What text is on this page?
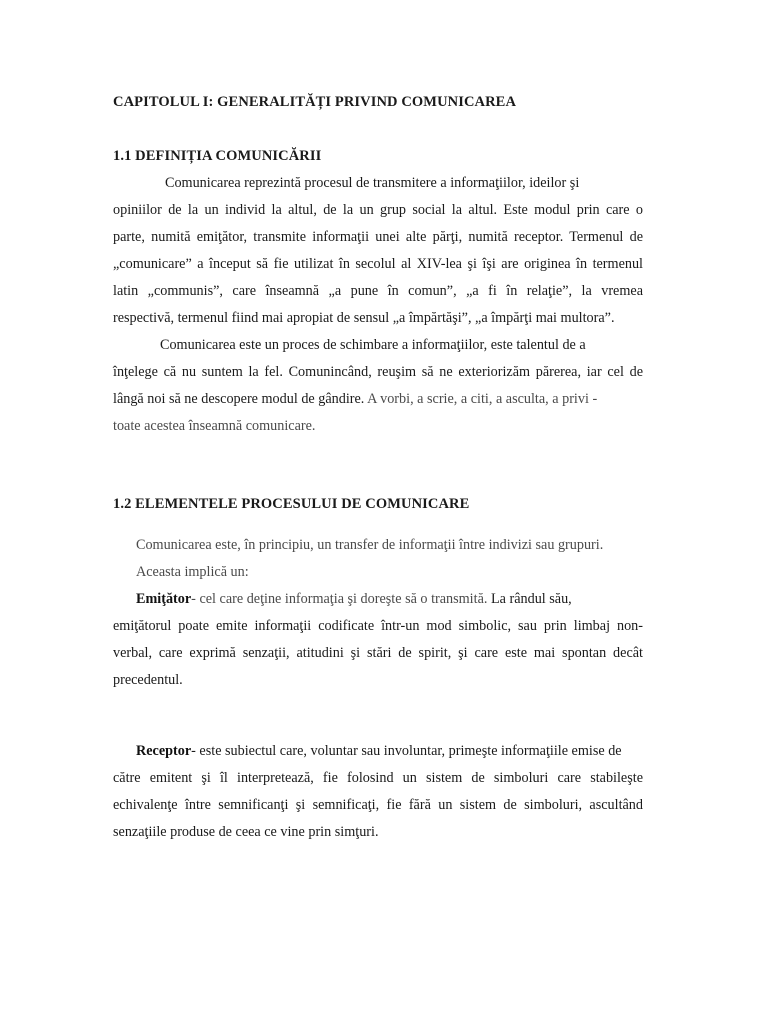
CAPITOLUL I: GENERALITĂȚI PRIVIND COMUNICAREA
1.1 DEFINIȚIA COMUNICĂRII
Comunicarea reprezintă procesul de transmitere a informaţiilor, ideilor şi
opiniilor de la un individ la altul, de la un grup social la altul. Este modul prin care o
parte, numită emiţător, transmite informaţii unei alte părţi, numită receptor. Termenul de
„comunicare” a început să fie utilizat în secolul al XIV-lea şi îşi are originea în termenul
latin „communis”, care înseamnă „a pune în comun”, „a fi în relaţie”, la vremea
respectivă, termenul fiind mai apropiat de sensul „a împărtăşi”, „a împărţi mai multora”.
Comunicarea este un proces de schimbare a informaţiilor, este talentul de a
înţelege că nu suntem la fel. Comunincând, reuşim să ne exteriorizăm părerea, iar cel de
lângă noi să ne descopere modul de gândire. A vorbi, a scrie, a citi, a asculta, a privi -
toate acestea înseamnă comunicare.
1.2 ELEMENTELE PROCESULUI DE COMUNICARE
Comunicarea este, în principiu, un transfer de informaţii între indivizi sau grupuri.
Aceasta implică un:
Emiţător- cel care deţine informaţia şi doreşte să o transmită. La rândul său,
emiţătorul poate emite informaţii codificate într-un mod simbolic, sau prin limbaj non-
verbal, care exprimă senzaţii, atitudini şi stări de spirit, şi care este mai spontan decât
precedentul.
Receptor- este subiectul care, voluntar sau involuntar, primeşte informaţiile emise de
către emitent şi îl interpretează, fie folosind un sistem de simboluri care stabileşte
echivalenţe între semnificanţi şi semnificaţi, fie fără un sistem de simboluri, ascultând
senzaţiile produse de ceea ce vine prin simţuri.
